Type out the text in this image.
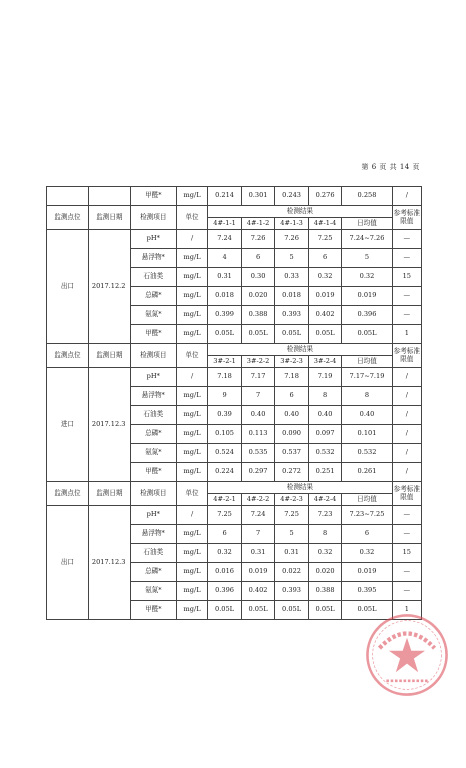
第 6 页 共 14 页
		甲醛*	mg/L	0.214	0.301	0.243	0.276	0.258	/
监测点位	监测日期	检测项目	单位	检测结果					参考标准限值
				4#-1-1	4#-1-2	4#-1-3	4#-1-4	日均值	
出口	2017.12.2	pH*	/	7.24	7.26	7.26	7.25	7.24~7.26	—
		悬浮物*	mg/L	4	6	5	6	5	—
		石油类	mg/L	0.31	0.30	0.33	0.32	0.32	15
		总磷*	mg/L	0.018	0.020	0.018	0.019	0.019	—
		氨氮*	mg/L	0.399	0.388	0.393	0.402	0.396	—
		甲醛*	mg/L	0.05L	0.05L	0.05L	0.05L	0.05L	1
监测点位	监测日期	检测项目	单位	检测结果					参考标准限值
				3#-2-1	3#-2-2	3#-2-3	3#-2-4	日均值	
进口	2017.12.3	pH*	/	7.18	7.17	7.18	7.19	7.17~7.19	/
		悬浮物*	mg/L	9	7	6	8	8	/
		石油类	mg/L	0.39	0.40	0.40	0.40	0.40	/
		总磷*	mg/L	0.105	0.113	0.090	0.097	0.101	/
		氨氮*	mg/L	0.524	0.535	0.537	0.532	0.532	/
		甲醛*	mg/L	0.224	0.297	0.272	0.251	0.261	/
监测点位	监测日期	检测项目	单位	检测结果					参考标准限值
				4#-2-1	4#-2-2	4#-2-3	4#-2-4	日均值	
出口	2017.12.3	pH*	/	7.25	7.24	7.25	7.23	7.23~7.25	—
		悬浮物*	mg/L	6	7	5	8	6	—
		石油类	mg/L	0.32	0.31	0.31	0.32	0.32	15
		总磷*	mg/L	0.016	0.019	0.022	0.020	0.019	—
		氨氮*	mg/L	0.396	0.402	0.393	0.388	0.395	—
		甲醛*	mg/L	0.05L	0.05L	0.05L	0.05L	0.05L	1
